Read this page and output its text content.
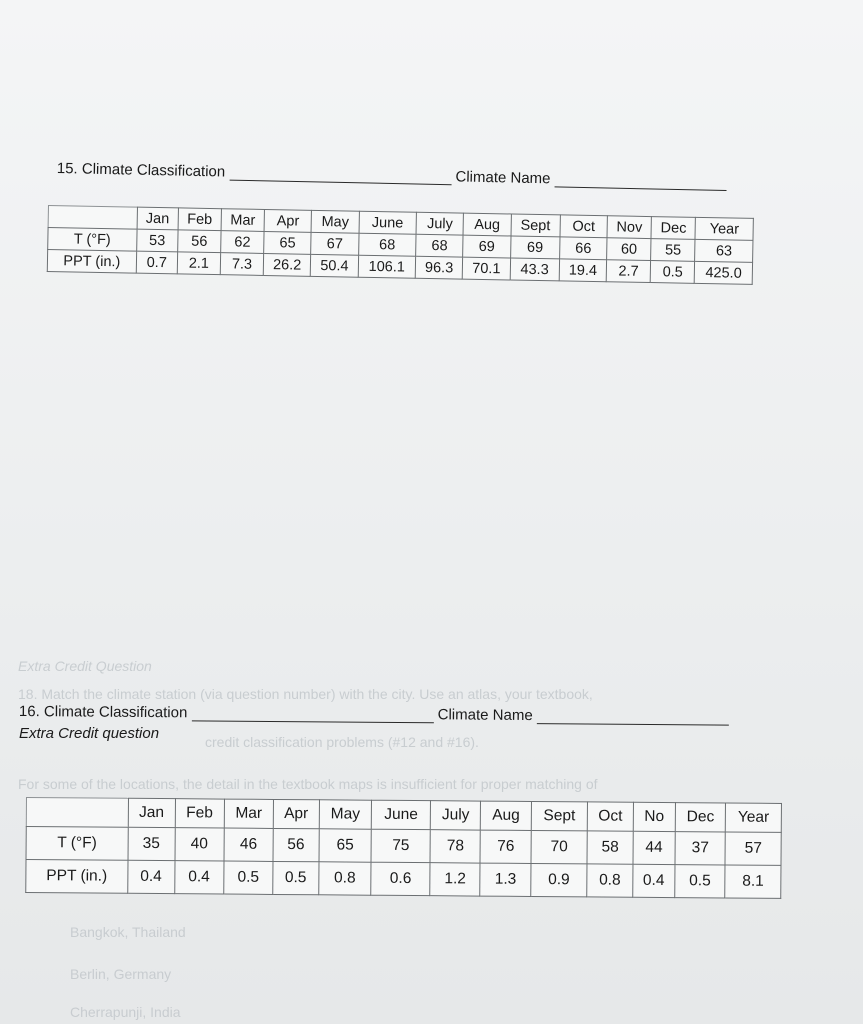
Extra Credit Question
18. Match the climate station (via question number) with the city. Use an atlas, your textbook,
credit classification problems (#12 and #16).
For some of the locations, the detail in the textbook maps is insufficient for proper matching of
Bangkok, Thailand
Berlin, Germany
Cherrapunji, India
15. Climate Classification	Climate Name
	Jan	Feb	Mar	Apr	May	June	July	Aug	Sept	Oct	Nov	Dec	Year
T (°F)	53	56	62	65	67	68	68	69	69	66	60	55	63
PPT (in.)	0.7	2.1	7.3	26.2	50.4	106.1	96.3	70.1	43.3	19.4	2.7	0.5	425.0
16. Climate Classification	Climate Name
Extra Credit question
	Jan	Feb	Mar	Apr	May	June	July	Aug	Sept	Oct	No	Dec	Year
T (°F)	35	40	46	56	65	75	78	76	70	58	44	37	57
PPT (in.)	0.4	0.4	0.5	0.5	0.8	0.6	1.2	1.3	0.9	0.8	0.4	0.5	8.1
